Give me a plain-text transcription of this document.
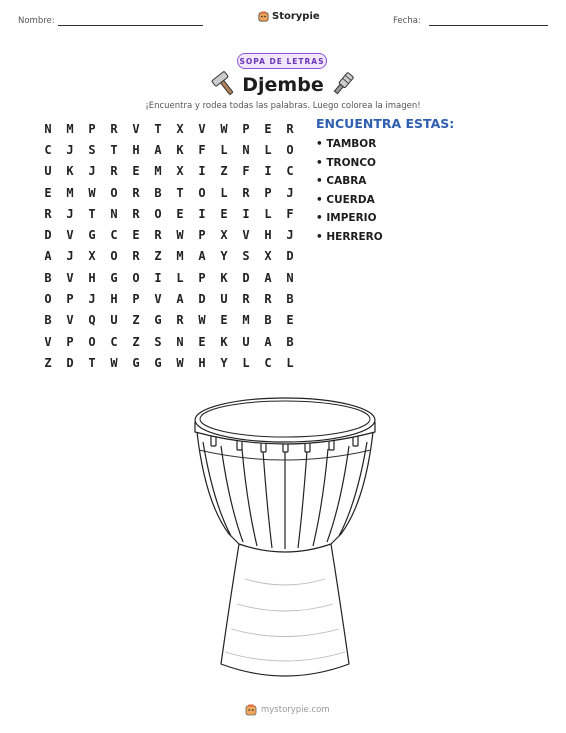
Nombre:	Storypie	Fecha:
SOPA DE LETRAS
Djembe
¡Encuentra y rodea todas las palabras. Luego colorea la imagen!
N	M	P	R	V	T	X	V	W	P	E	R
C	J	S	T	H	A	K	F	L	N	L	O
U	K	J	R	E	M	X	I	Z	F	I	C
E	M	W	O	R	B	T	O	L	R	P	J
R	J	T	N	R	O	E	I	E	I	L	F
D	V	G	C	E	R	W	P	X	V	H	J
A	J	X	O	R	Z	M	A	Y	S	X	D
B	V	H	G	O	I	L	P	K	D	A	N
O	P	J	H	P	V	A	D	U	R	R	B
B	V	Q	U	Z	G	R	W	E	M	B	E
V	P	O	C	Z	S	N	E	K	U	A	B
Z	D	T	W	G	G	W	H	Y	L	C	L
ENCUENTRA ESTAS:
• TAMBOR
• TRONCO
• CABRA
• CUERDA
• IMPERIO
• HERRERO
mystorypie.com
